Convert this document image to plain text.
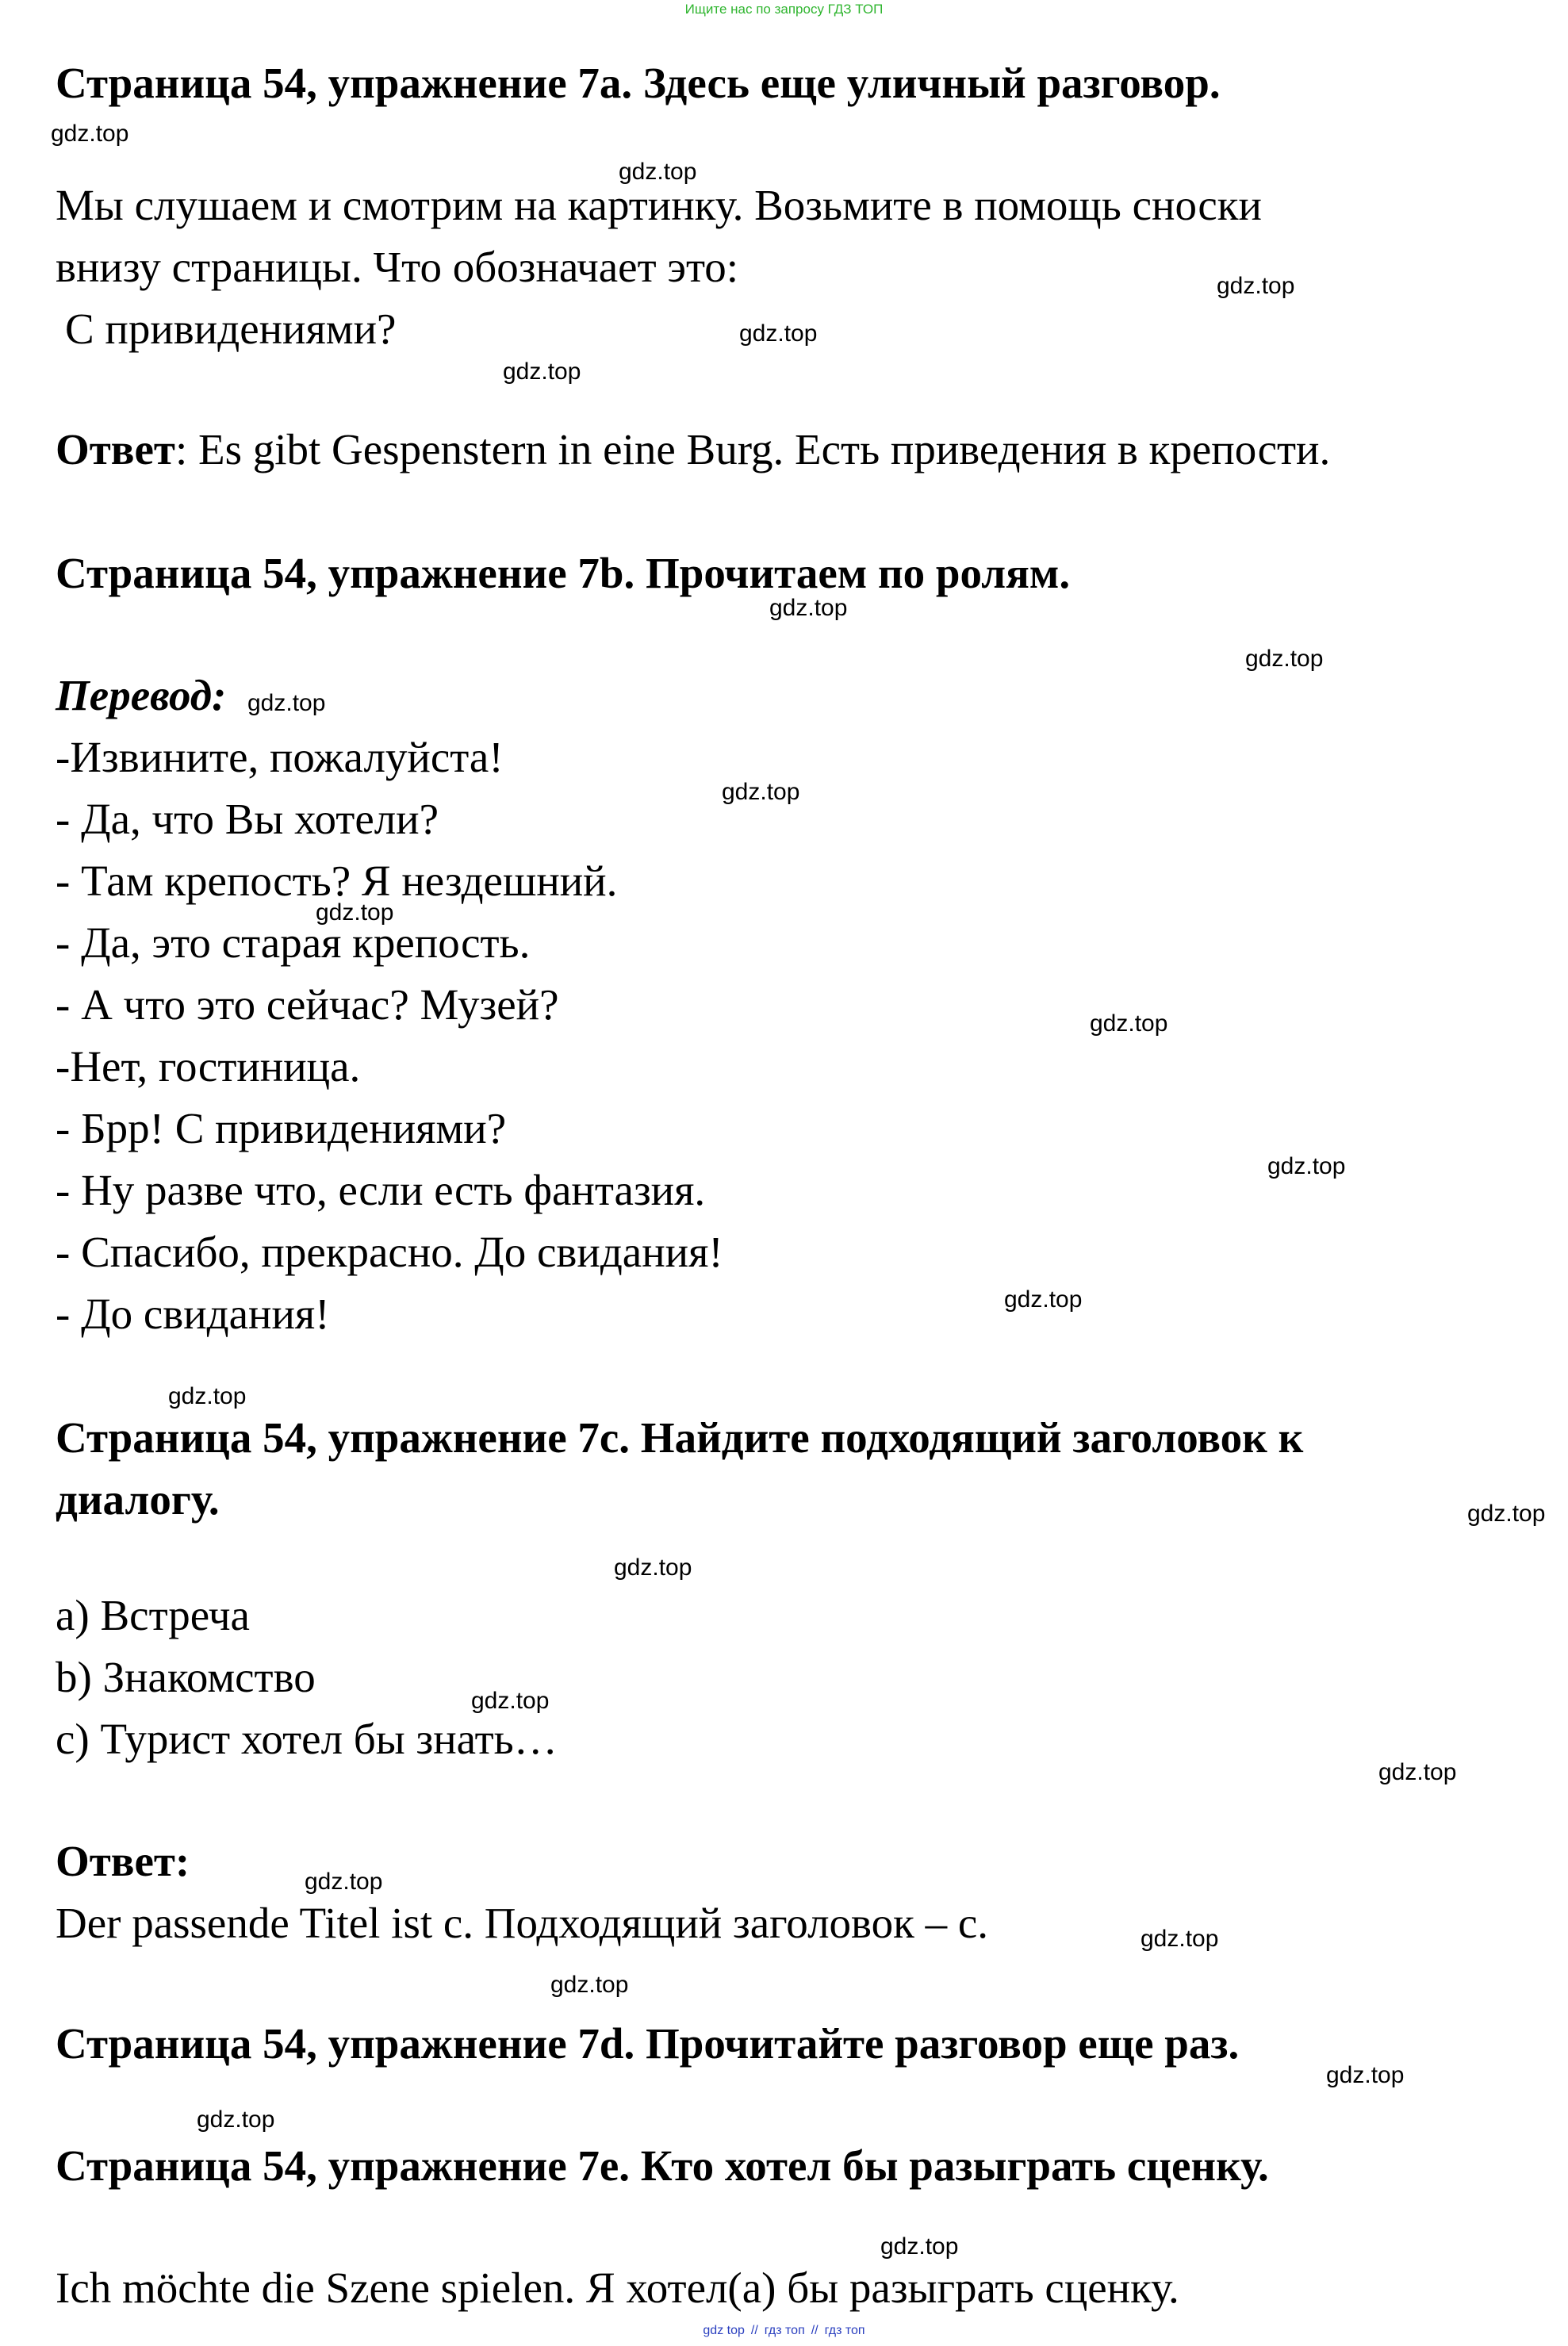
Ищите нас по запросу ГДЗ ТОП
Страница 54, упражнение 7a. Здесь еще уличный разговор.
Мы слушаем и смотрим на картинку. Возьмите в помощь сноски
внизу страницы. Что обозначает это:
С привидениями?
Ответ: Es gibt Gespenstern in eine Burg. Есть приведения в крепости.
Страница 54, упражнение 7b. Прочитаем по ролям.
Перевод:
-Извините, пожалуйста!
- Да, что Вы хотели?
- Там крепость? Я нездешний.
- Да, это старая крепость.
- А что это сейчас? Музей?
-Нет, гостиница.
- Брр! С привидениями?
- Ну разве что, если есть фантазия.
- Спасибо, прекрасно. До свидания!
- До свидания!
Страница 54, упражнение 7c. Найдите подходящий заголовок к
диалогу.
a) Встреча
b) Знакомство
c) Турист хотел бы знать…
Ответ:
Der passende Titel ist c. Подходящий заголовок – c.
Страница 54, упражнение 7d. Прочитайте разговор еще раз.
Страница 54, упражнение 7e. Кто хотел бы разыграть сценку.
Ich möchte die Szene spielen. Я хотел(а) бы разыграть сценку.
gdz.top
gdz.top
gdz.top
gdz.top
gdz.top
gdz.top
gdz.top
gdz.top
gdz.top
gdz.top
gdz.top
gdz.top
gdz.top
gdz.top
gdz.top
gdz.top
gdz.top
gdz.top
gdz.top
gdz.top
gdz.top
gdz.top
gdz.top
gdz.top
gdz top // гдз топ // гдз топ
